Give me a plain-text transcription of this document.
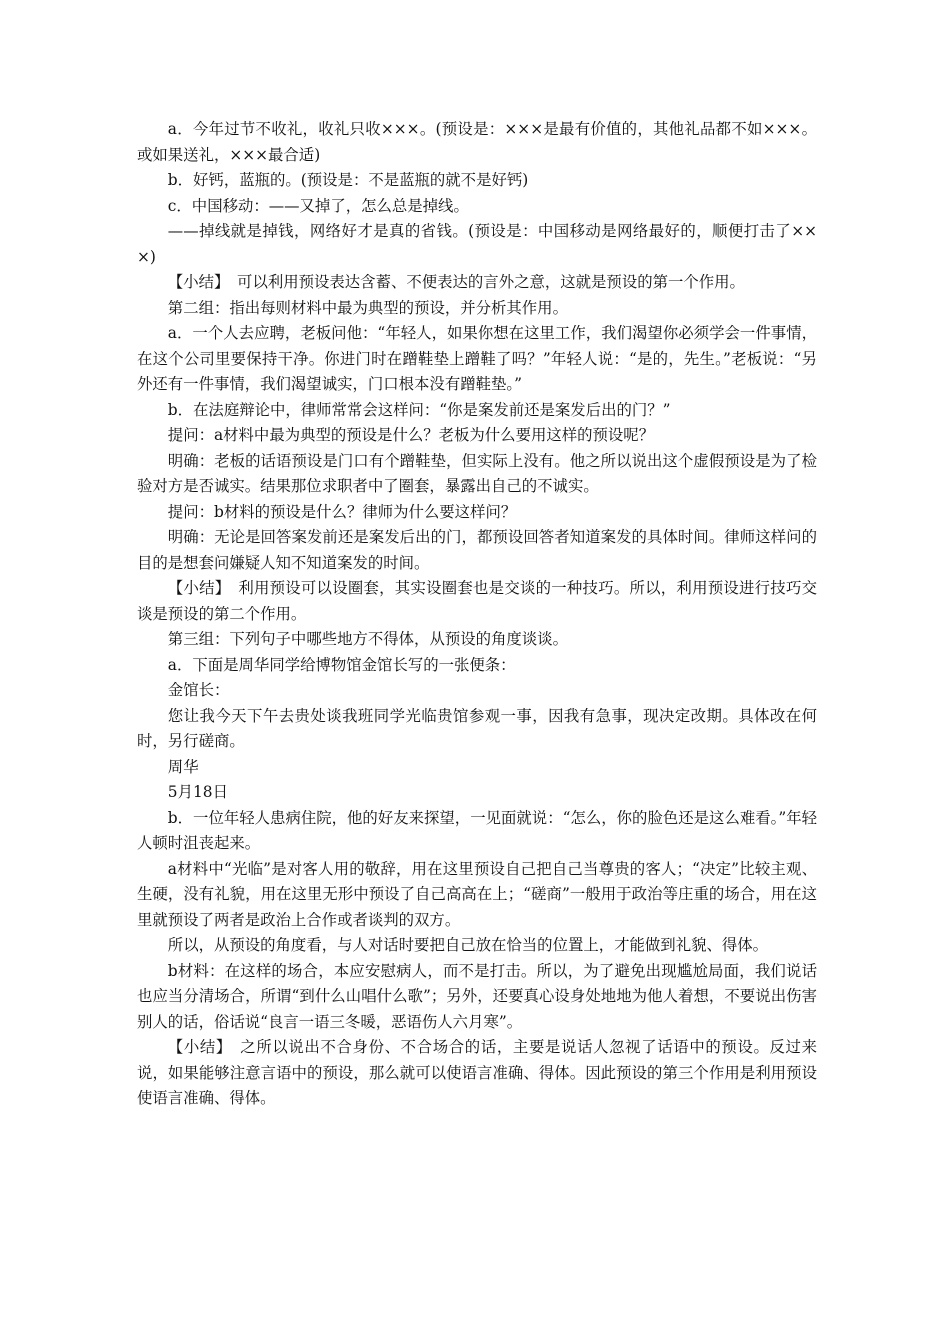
a．今年过节不收礼，收礼只收×××。(预设是：×××是最有价值的，其他礼品都不如×××。或如果送礼，×××最合适)

b．好钙，蓝瓶的。(预设是：不是蓝瓶的就不是好钙)

c．中国移动：——又掉了，怎么总是掉线。

——掉线就是掉钱，网络好才是真的省钱。(预设是：中国移动是网络最好的，顺便打击了×××)

【小结】　可以利用预设表达含蓄、不便表达的言外之意，这就是预设的第一个作用。

第二组：指出每则材料中最为典型的预设，并分析其作用。

a．一个人去应聘，老板问他：“年轻人，如果你想在这里工作，我们渴望你必须学会一件事情，在这个公司里要保持干净。你进门时在蹭鞋垫上蹭鞋了吗？”年轻人说：“是的，先生。”老板说：“另外还有一件事情，我们渴望诚实，门口根本没有蹭鞋垫。”

b．在法庭辩论中，律师常常会这样问：“你是案发前还是案发后出的门？”

提问：a材料中最为典型的预设是什么？老板为什么要用这样的预设呢？

明确：老板的话语预设是门口有个蹭鞋垫，但实际上没有。他之所以说出这个虚假预设是为了检验对方是否诚实。结果那位求职者中了圈套，暴露出自己的不诚实。

提问：b材料的预设是什么？律师为什么要这样问？

明确：无论是回答案发前还是案发后出的门，都预设回答者知道案发的具体时间。律师这样问的目的是想套问嫌疑人知不知道案发的时间。

【小结】　利用预设可以设圈套，其实设圈套也是交谈的一种技巧。所以，利用预设进行技巧交谈是预设的第二个作用。

第三组：下列句子中哪些地方不得体，从预设的角度谈谈。

a．下面是周华同学给博物馆金馆长写的一张便条：

金馆长：

您让我今天下午去贵处谈我班同学光临贵馆参观一事，因我有急事，现决定改期。具体改在何时，另行磋商。

周华

5月18日

b．一位年轻人患病住院，他的好友来探望，一见面就说：“怎么，你的脸色还是这么难看。”年轻人顿时沮丧起来。

a材料中“光临”是对客人用的敬辞，用在这里预设自己把自己当尊贵的客人；“决定”比较主观、生硬，没有礼貌，用在这里无形中预设了自己高高在上；“磋商”一般用于政治等庄重的场合，用在这里就预设了两者是政治上合作或者谈判的双方。

所以，从预设的角度看，与人对话时要把自己放在恰当的位置上，才能做到礼貌、得体。

b材料：在这样的场合，本应安慰病人，而不是打击。所以，为了避免出现尴尬局面，我们说话也应当分清场合，所谓“到什么山唱什么歌”；另外，还要真心设身处地地为他人着想，不要说出伤害别人的话，俗话说“良言一语三冬暖，恶语伤人六月寒”。

【小结】　之所以说出不合身份、不合场合的话，主要是说话人忽视了话语中的预设。反过来说，如果能够注意言语中的预设，那么就可以使语言准确、得体。因此预设的第三个作用是利用预设使语言准确、得体。
